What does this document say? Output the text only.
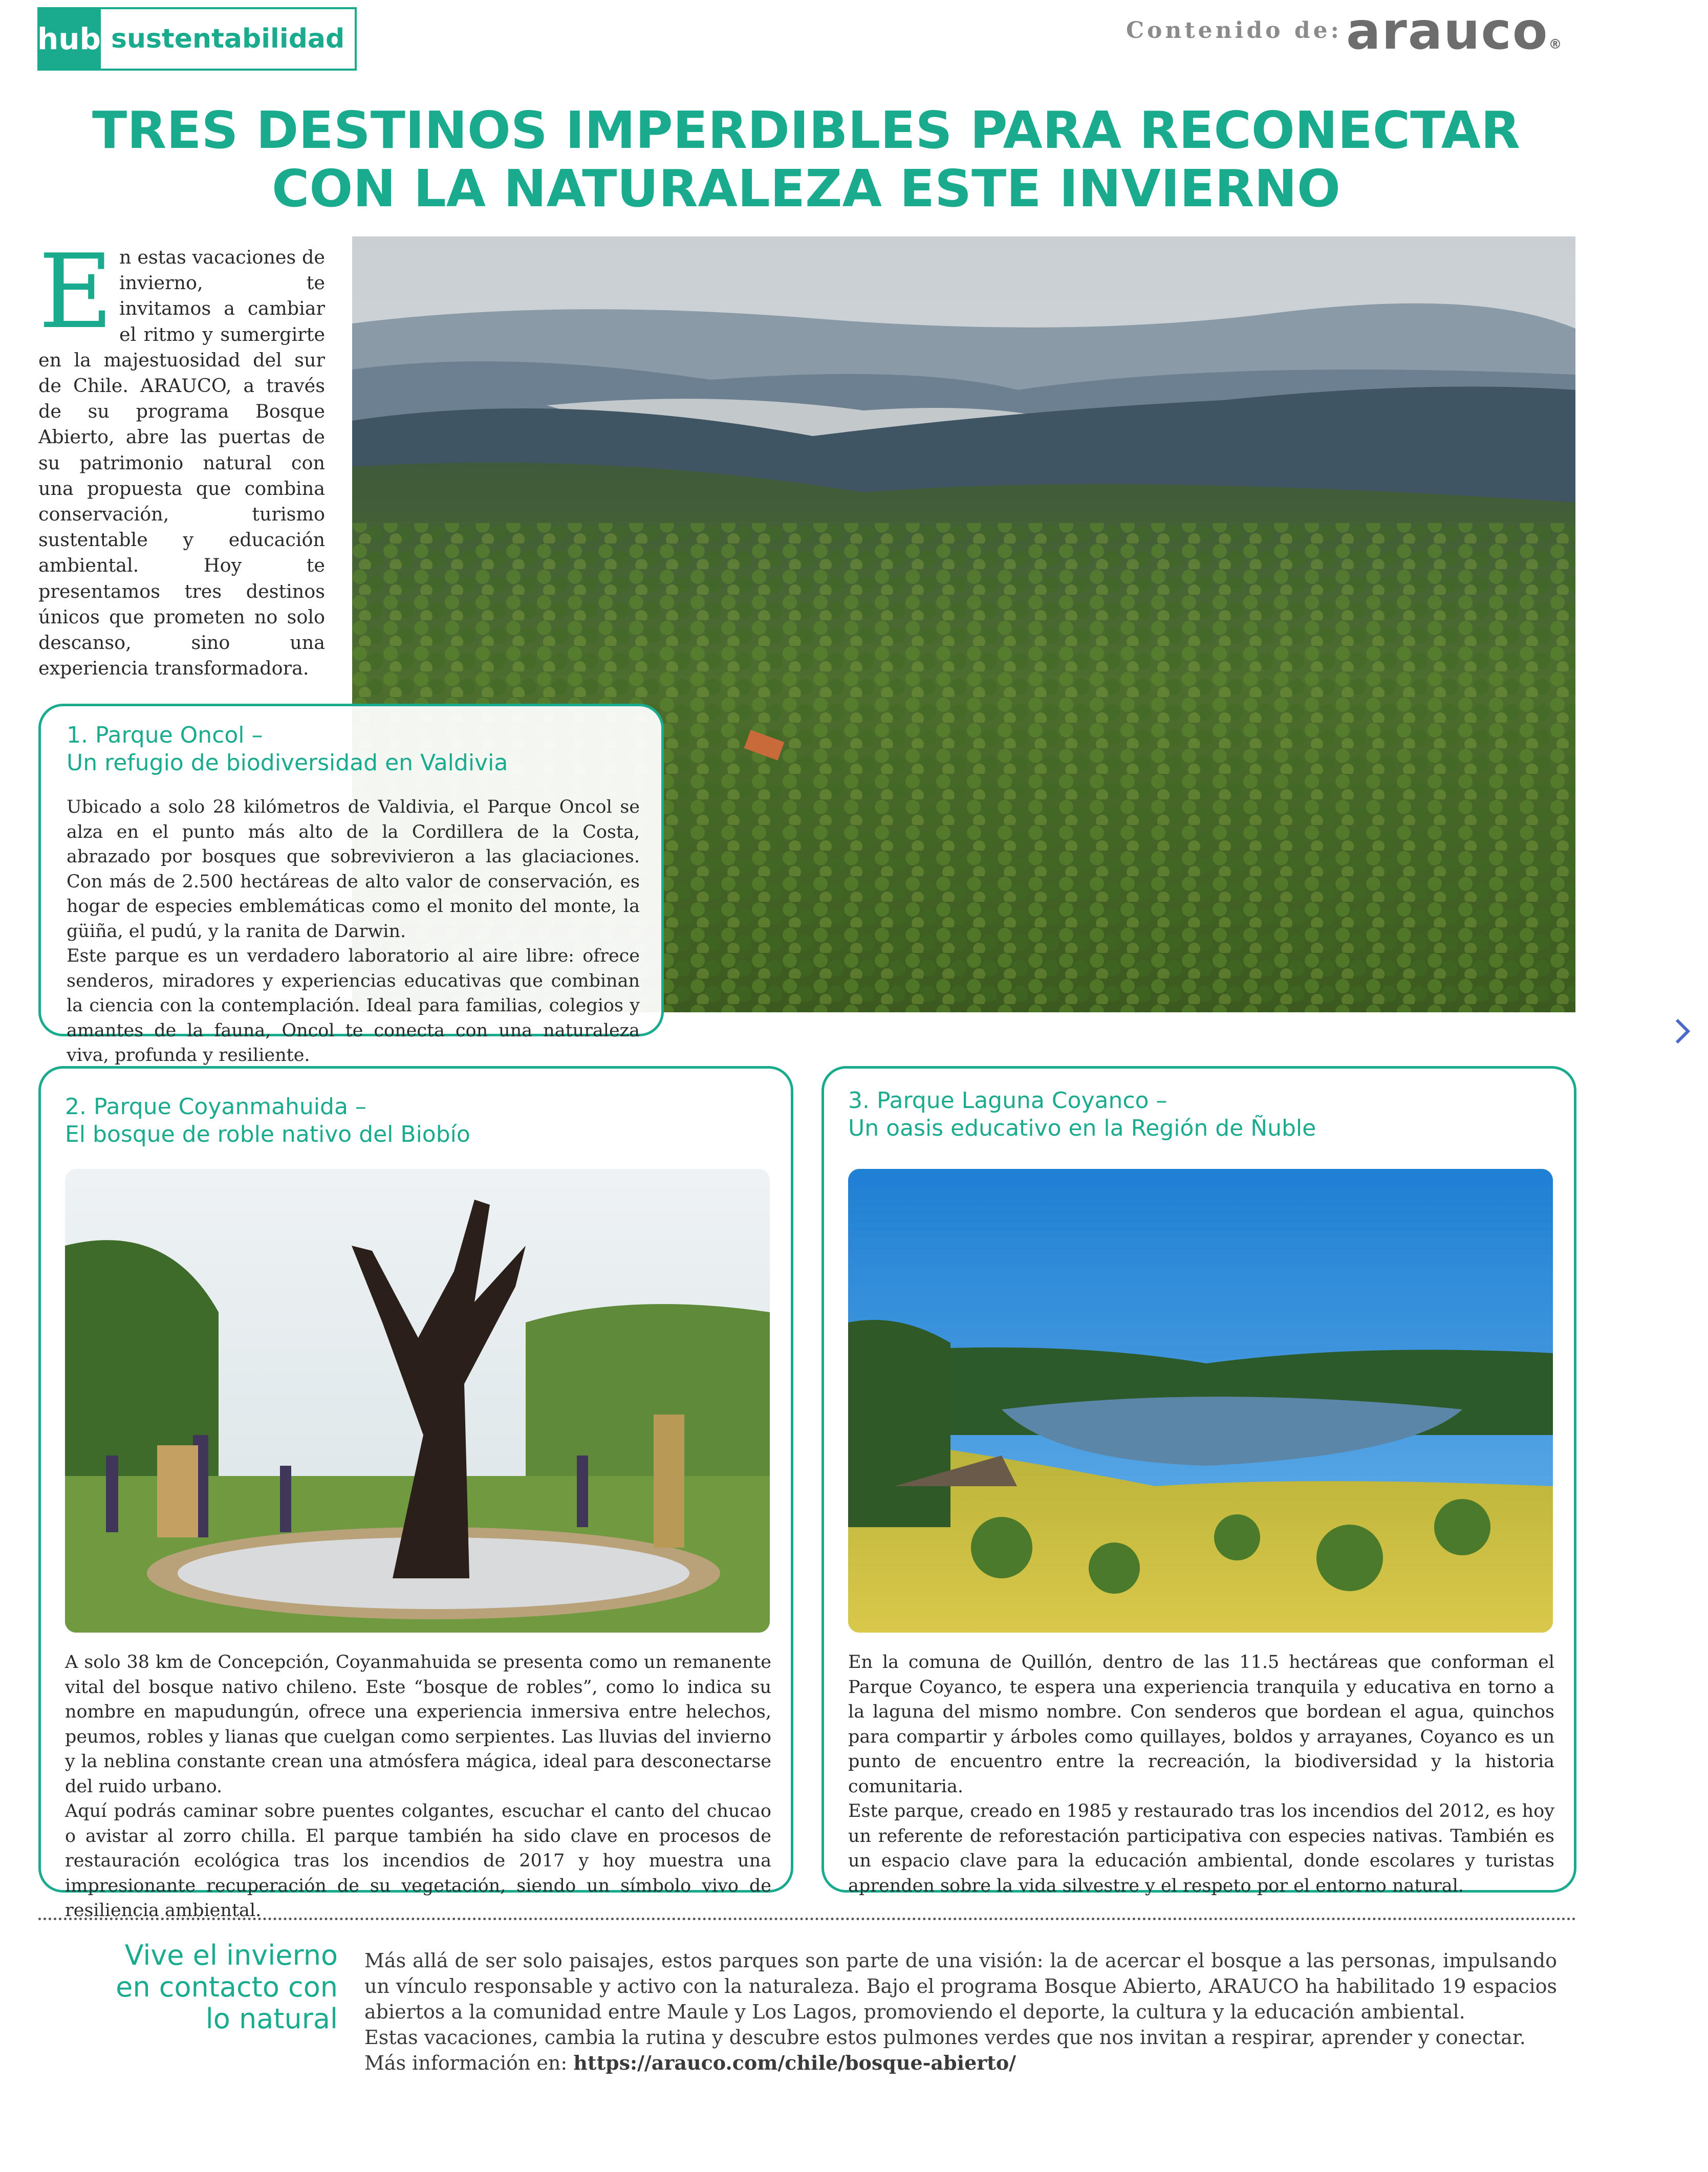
hub sustentabilidad	Contenido de: arauco®
TRES DESTINOS IMPERDIBLES PARA RECONECTAR
CON LA NATURALEZA ESTE INVIERNO
E n estas vacaciones de invierno, te invitamos a cambiar el ritmo y sumergirte en la majestuosidad del sur de Chile. ARAUCO, a través de su programa Bosque Abierto, abre las puertas de su patrimonio natural con una propuesta que combina conservación, turismo sustentable y educación ambiental. Hoy te presentamos tres destinos únicos que prometen no solo descanso, sino una experiencia transformadora.
1. Parque Oncol –
Un refugio de biodiversidad en Valdivia
Ubicado a solo 28 kilómetros de Valdivia, el Parque Oncol se alza en el punto más alto de la Cordillera de la Costa, abrazado por bosques que sobrevivieron a las glaciaciones. Con más de 2.500 hectáreas de alto valor de conservación, es hogar de especies emblemáticas como el monito del monte, la güiña, el pudú, y la ranita de Darwin.
Este parque es un verdadero laboratorio al aire libre: ofrece senderos, miradores y experiencias educativas que combinan la ciencia con la contemplación. Ideal para familias, colegios y amantes de la fauna, Oncol te conecta con una naturaleza viva, profunda y resiliente.
2. Parque Coyanmahuida –
El bosque de roble nativo del Biobío
A solo 38 km de Concepción, Coyanmahuida se presenta como un remanente vital del bosque nativo chileno. Este “bosque de robles”, como lo indica su nombre en mapudungún, ofrece una experiencia inmersiva entre helechos, peumos, robles y lianas que cuelgan como serpientes. Las lluvias del invierno y la neblina constante crean una atmósfera mágica, ideal para desconectarse del ruido urbano.
Aquí podrás caminar sobre puentes colgantes, escuchar el canto del chucao o avistar al zorro chilla. El parque también ha sido clave en procesos de restauración ecológica tras los incendios de 2017 y hoy muestra una impresionante recuperación de su vegetación, siendo un símbolo vivo de resiliencia ambiental.
3. Parque Laguna Coyanco –
Un oasis educativo en la Región de Ñuble
En la comuna de Quillón, dentro de las 11.5 hectáreas que conforman el Parque Coyanco, te espera una experiencia tranquila y educativa en torno a la laguna del mismo nombre. Con senderos que bordean el agua, quinchos para compartir y árboles como quillayes, boldos y arrayanes, Coyanco es un punto de encuentro entre la recreación, la biodiversidad y la historia comunitaria.
Este parque, creado en 1985 y restaurado tras los incendios del 2012, es hoy un referente de reforestación participativa con especies nativas. También es un espacio clave para la educación ambiental, donde escolares y turistas aprenden sobre la vida silvestre y el respeto por el entorno natural.
Vive el invierno
en contacto con
lo natural

Más allá de ser solo paisajes, estos parques son parte de una visión: la de acercar el bosque a las personas, impulsando un vínculo responsable y activo con la naturaleza. Bajo el programa Bosque Abierto, ARAUCO ha habilitado 19 espacios abiertos a la comunidad entre Maule y Los Lagos, promoviendo el deporte, la cultura y la educación ambiental.

Estas vacaciones, cambia la rutina y descubre estos pulmones verdes que nos invitan a respirar, aprender y conectar.

Más información en: https://arauco.com/chile/bosque-abierto/
